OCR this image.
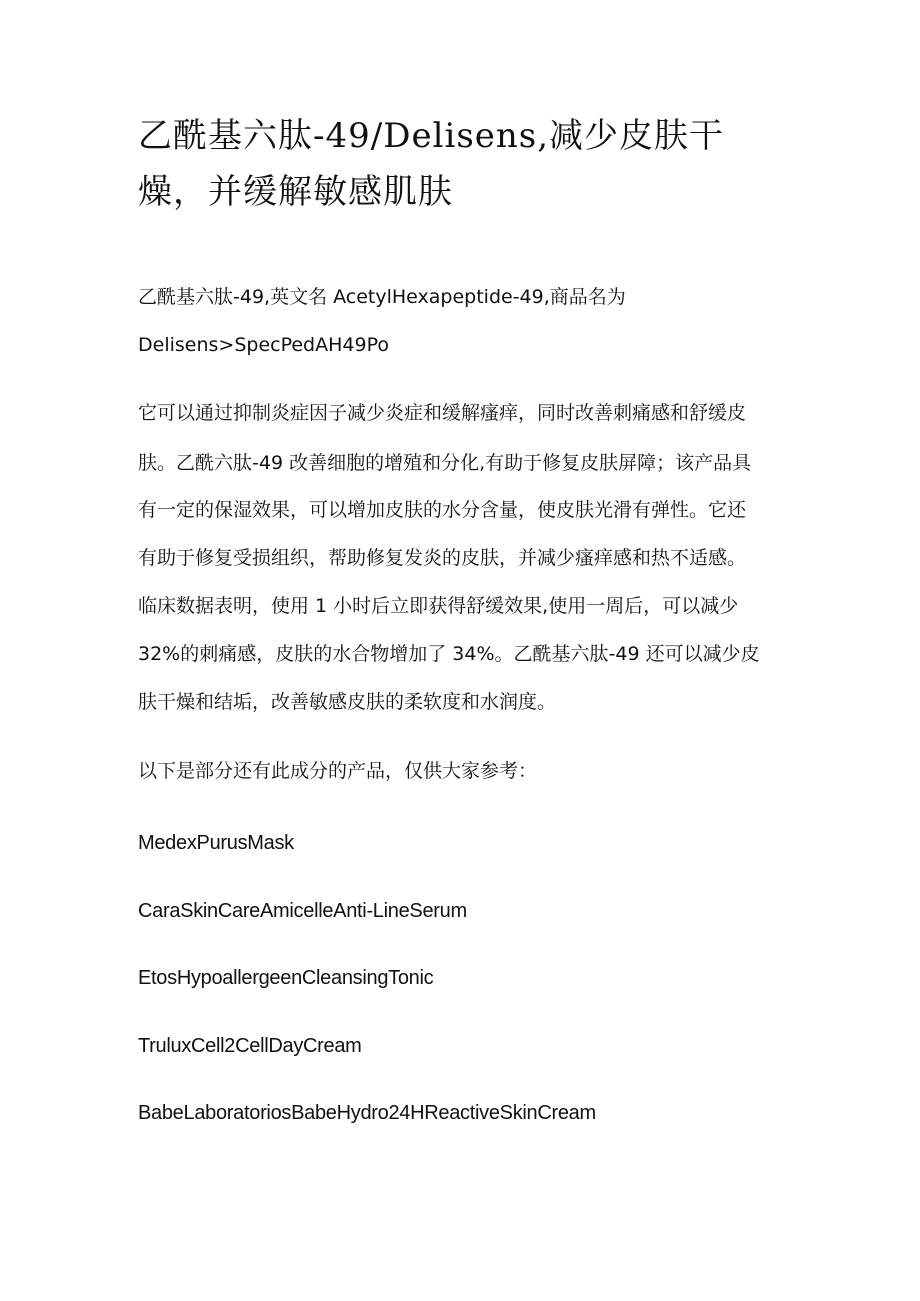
乙酰基六肽-49/Delisens,减少皮肤干
燥，并缓解敏感肌肤

乙酰基六肽-49,英文名 AcetylHexapeptide-49,商品名为

Delisens>SpecPedAH49Po

它可以通过抑制炎症因子减少炎症和缓解瘙痒，同时改善刺痛感和舒缓皮

肤。乙酰六肽-49 改善细胞的增殖和分化,有助于修复皮肤屏障；该产品具

有一定的保湿效果，可以增加皮肤的水分含量，使皮肤光滑有弹性。它还

有助于修复受损组织，帮助修复发炎的皮肤，并减少瘙痒感和热不适感。

临床数据表明，使用 1 小时后立即获得舒缓效果,使用一周后，可以减少

32%的刺痛感，皮肤的水合物增加了 34%。乙酰基六肽-49 还可以减少皮

肤干燥和结垢，改善敏感皮肤的柔软度和水润度。

以下是部分还有此成分的产品，仅供大家参考：

MedexPurusMask

CaraSkinCareAmicelleAnti-LineSerum

EtosHypoallergeenCleansingTonic

TruluxCell2CellDayCream

BabeLaboratoriosBabeHydro24HReactiveSkinCream
